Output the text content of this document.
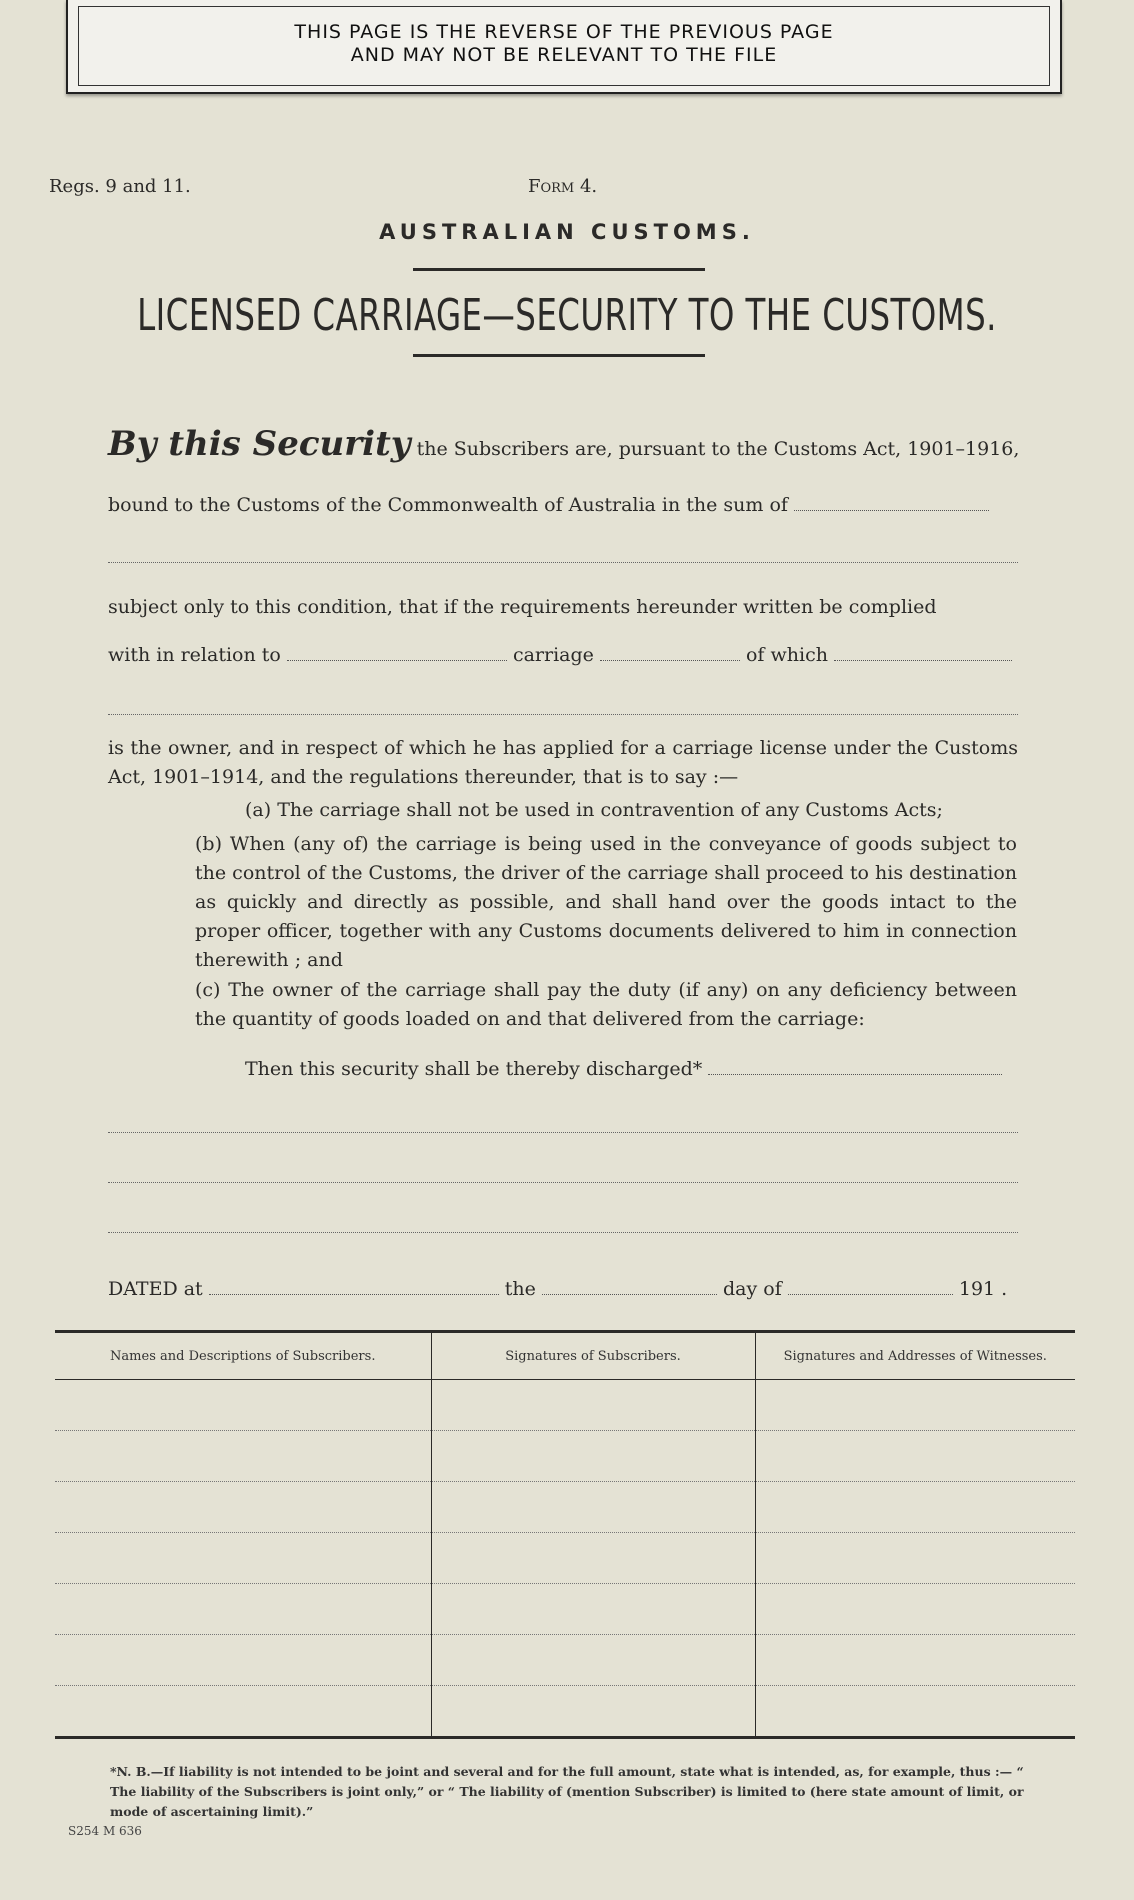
THIS PAGE IS THE REVERSE OF THE PREVIOUS PAGE
AND MAY NOT BE RELEVANT TO THE FILE
Regs. 9 and 11.	Form 4.
AUSTRALIAN CUSTOMS.
LICENSED CARRIAGE—SECURITY TO THE CUSTOMS.
By this Security the Subscribers are, pursuant to the Customs Act, 1901–1916,
bound to the Customs of the Commonwealth of Australia in the sum of
subject only to this condition, that if the requirements hereunder written be complied
with in relation to	carriage	of which
is the owner, and in respect of which he has applied for a carriage license under the Customs Act, 1901–1914, and the regulations thereunder, that is to say :—
(a) The carriage shall not be used in contravention of any Customs Acts;
(b) When (any of) the carriage is being used in the conveyance of goods subject to the control of the Customs, the driver of the carriage shall proceed to his destination as quickly and directly as possible, and shall hand over the goods intact to the proper officer, together with any Customs documents delivered to him in connection therewith ; and
(c) The owner of the carriage shall pay the duty (if any) on any deficiency between the quantity of goods loaded on and that delivered from the carriage:
Then this security shall be thereby discharged*
DATED at	the	day of	191 .
Names and Descriptions of Subscribers.	Signatures of Subscribers.	Signatures and Addresses of Witnesses.

*N. B.—If liability is not intended to be joint and several and for the full amount, state what is intended, as, for example, thus :— “ The liability of the Subscribers is joint only,” or “ The liability of (mention Subscriber) is limited to (here state amount of limit, or mode of ascertaining limit).”
S254 M 636
